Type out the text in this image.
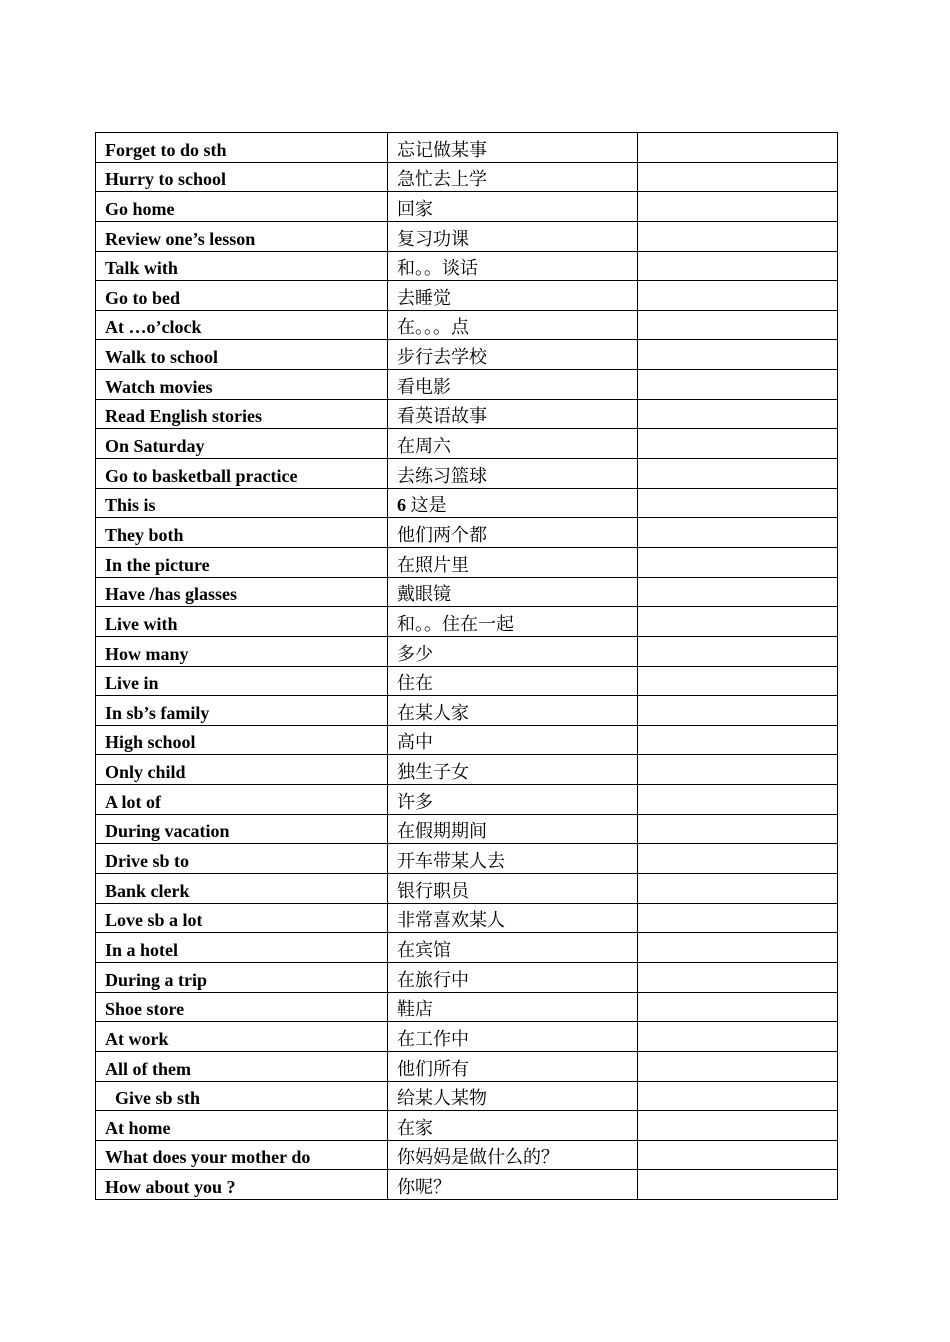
Forget to do sth	忘记做某事	
Hurry to school	急忙去上学	
Go home	回家	
Review one’s lesson	复习功课	
Talk with	和。。谈话	
Go to bed	去睡觉	
At …o’clock	在。。。点	
Walk to school	步行去学校	
Watch movies	看电影	
Read English stories	看英语故事	
On Saturday	在周六	
Go to basketball practice	去练习篮球	
This is	6 这是	
They both	他们两个都	
In the picture	在照片里	
Have /has glasses	戴眼镜	
Live with	和。。住在一起	
How many	多少	
Live in	住在	
In sb’s family	在某人家	
High school	高中	
Only child	独生子女	
A lot of	许多	
During vacation	在假期期间	
Drive sb to	开车带某人去	
Bank clerk	银行职员	
Love sb a lot	非常喜欢某人	
In a hotel	在宾馆	
During a trip	在旅行中	
Shoe store	鞋店	
At work	在工作中	
All of them	他们所有	
Give sb sth	给某人某物	
At home	在家	
What does your mother do	你妈妈是做什么的？	
How about you ?	你呢？	
